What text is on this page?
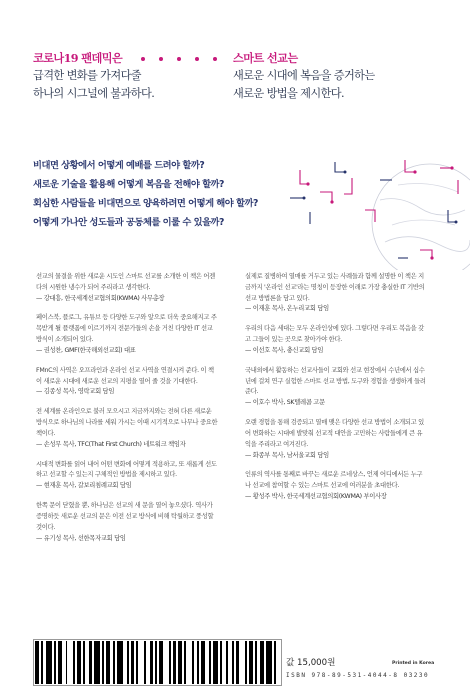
코로나19 팬데믹은
급격한 변화를 가져다줄
하나의 시그널에 불과하다.
스마트 선교는
새로운 시대에 복음을 증거하는
새로운 방법을 제시한다.
비대면 상황에서 어떻게 예배를 드려야 할까?
새로운 기술을 활용해 어떻게 복음을 전해야 할까?
회심한 사람들을 비대면으로 양육하려면 어떻게 해야 할까?
어떻게 가나안 성도들과 공동체를 이룰 수 있을까?
선교의 물결을 위한 새로운 시도인 스마트 선교를 소개한 이 책은 어젠다의 시원한 냉수가 되어 주리라고 생각한다.
— 강대흥, 한국세계선교협의회(KWMA) 사무총장
페이스북, 플로그, 유튜브 등 다양한 도구와 앞으로 더욱 중요해지고 주목받게 될 플랫폼에 이르기까지 전문가들의 손을 거친 다양한 IT 선교 방식이 소개되어 있다.
— 권성찬, GMF(한국해외선교회) 대표
FMnC의 사역은 오프라인과 온라인 선교 사역을 연결시켜 준다. 이 책이 새로운 시대에 새로운 선교의 지평을 열어 줄 것을 기대한다.
— 김종성 목사, 영락교회 담임
전 세계를 온라인으로 불러 모으시고 지금까지와는 전혀 다른 새로운 방식으로 하나님의 나라를 세워 가시는 이때 시기적으로 나무나 중요한 책이다.
— 손성무 목사, TFC(That First Church) 네트워크 책임자
시대적 변화를 읽어 내어 어떤 변화에 어떻게 적용하고, 또 새롭게 선도하고 선교할 수 있는지 구체적인 방법을 제시하고 있다.
— 현재훈 목사, 갈보리침례교회 담임
한쪽 문이 닫혔을 뿐, 하나님은 선교의 새 문을 열어 놓으셨다. 역사가 증명하듯 새로운 선교의 문은 이전 선교 방식에 비해 탁월하고 풍성할 것이다.
— 유기성 목사, 선한목자교회 담임
실제로 질병하여 열매를 거두고 있는 사례들과 함께 설명한 이 책은 지금까지 '온라인 선교'라는 명칭이 등장한 이래로 가장 충실한 IT 기반의 선교 방법론을 담고 있다.
— 이재훈 목사, 온누리교회 담임
우리의 다음 세대는 모두 온라인상에 있다. 그렇다면 우리도 복음을 갖고 그들이 있는 곳으로 찾아가야 한다.
— 이선호 목사, 충신교회 담임
국내외에서 활동하는 선교사들이 교회와 선교 현장에서 수년에서 십수 년에 걸쳐 연구 실험한 스마트 선교 방법, 도구와 경험을 생생하게 들려준다.
— 이호수 박사, SK텔레콤 고문
오랜 경험을 통해 검증되고 열매 맺은 다양한 선교 방법이 소개되고 있어 변화하는 시대에 발맞춰 선교적 대안을 고민하는 사람들에게 큰 유익을 주리라고 여겨진다.
— 화종부 목사, 남서울교회 담임
인류의 역사를 통째로 바꾸는 새로운 르네상스, 언제 어디에서든 누구나 선교에 참여할 수 있는 스마트 선교에 여러분을 초대한다.
— 황성주 박사, 한국세계선교협의회(KWMA) 부이사장
값 15,000원	Printed in Korea
ISBN 978-89-531-4044-8 03230
